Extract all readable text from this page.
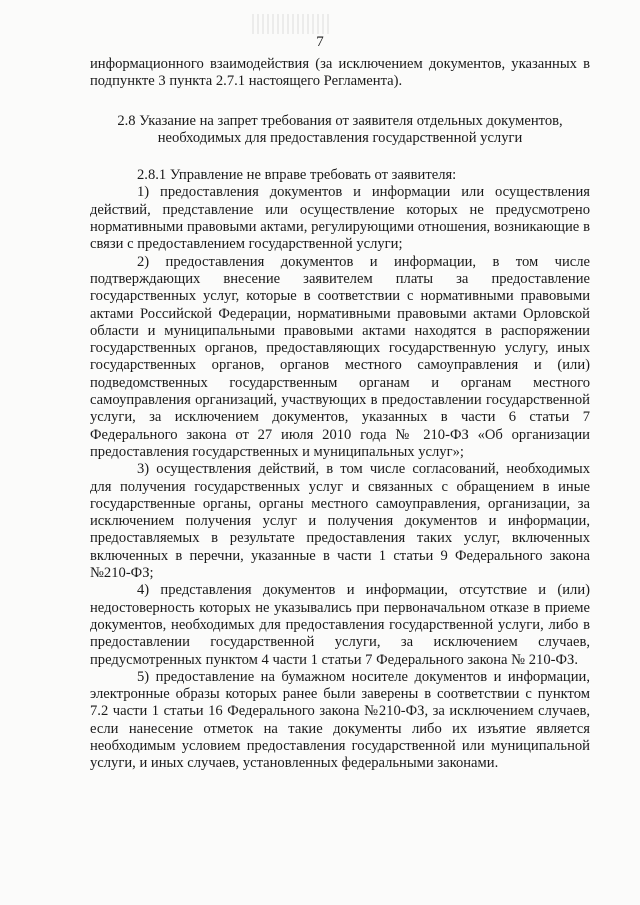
7

информационного взаимодействия (за исключением документов, указанных в подпункте 3 пункта 2.7.1 настоящего Регламента).

2.8 Указание на запрет требования от заявителя отдельных документов,
необходимых для предоставления государственной услуги

2.8.1 Управление не вправе требовать от заявителя:

1) предоставления документов и информации или осуществления действий, представление или осуществление которых не предусмотрено нормативными правовыми актами, регулирующими отношения, возникающие в связи с предоставлением государственной услуги;

2) предоставления документов и информации, в том числе подтверждающих внесение заявителем платы за предоставление государственных услуг, которые в соответствии с нормативными правовыми актами Российской Федерации, нормативными правовыми актами Орловской области и муниципальными правовыми актами находятся в распоряжении государственных органов, предоставляющих государственную услугу, иных государственных органов, органов местного самоуправления и (или) подведомственных государственным органам и органам местного самоуправления организаций, участвующих в предоставлении государственной услуги, за исключением документов, указанных в части 6 статьи 7 Федерального закона от 27 июля 2010 года № 210-ФЗ «Об организации предоставления государственных и муниципальных услуг»;

3) осуществления действий, в том числе согласований, необходимых для получения государственных услуг и связанных с обращением в иные государственные органы, органы местного самоуправления, организации, за исключением получения услуг и получения документов и информации, предоставляемых в результате предоставления таких услуг, включенных включенных в перечни, указанные в части 1 статьи 9 Федерального закона №210-ФЗ;

4) представления документов и информации, отсутствие и (или) недостоверность которых не указывались при первоначальном отказе в приеме документов, необходимых для предоставления государственной услуги, либо в предоставлении государственной услуги, за исключением случаев, предусмотренных пунктом 4 части 1 статьи 7 Федерального закона № 210-ФЗ.

5) предоставление на бумажном носителе документов и информации, электронные образы которых ранее были заверены в соответствии с пунктом 7.2 части 1 статьи 16 Федерального закона №210-ФЗ, за исключением случаев, если нанесение отметок на такие документы либо их изъятие является необходимым условием предоставления государственной или муниципальной услуги, и иных случаев, установленных федеральными законами.
